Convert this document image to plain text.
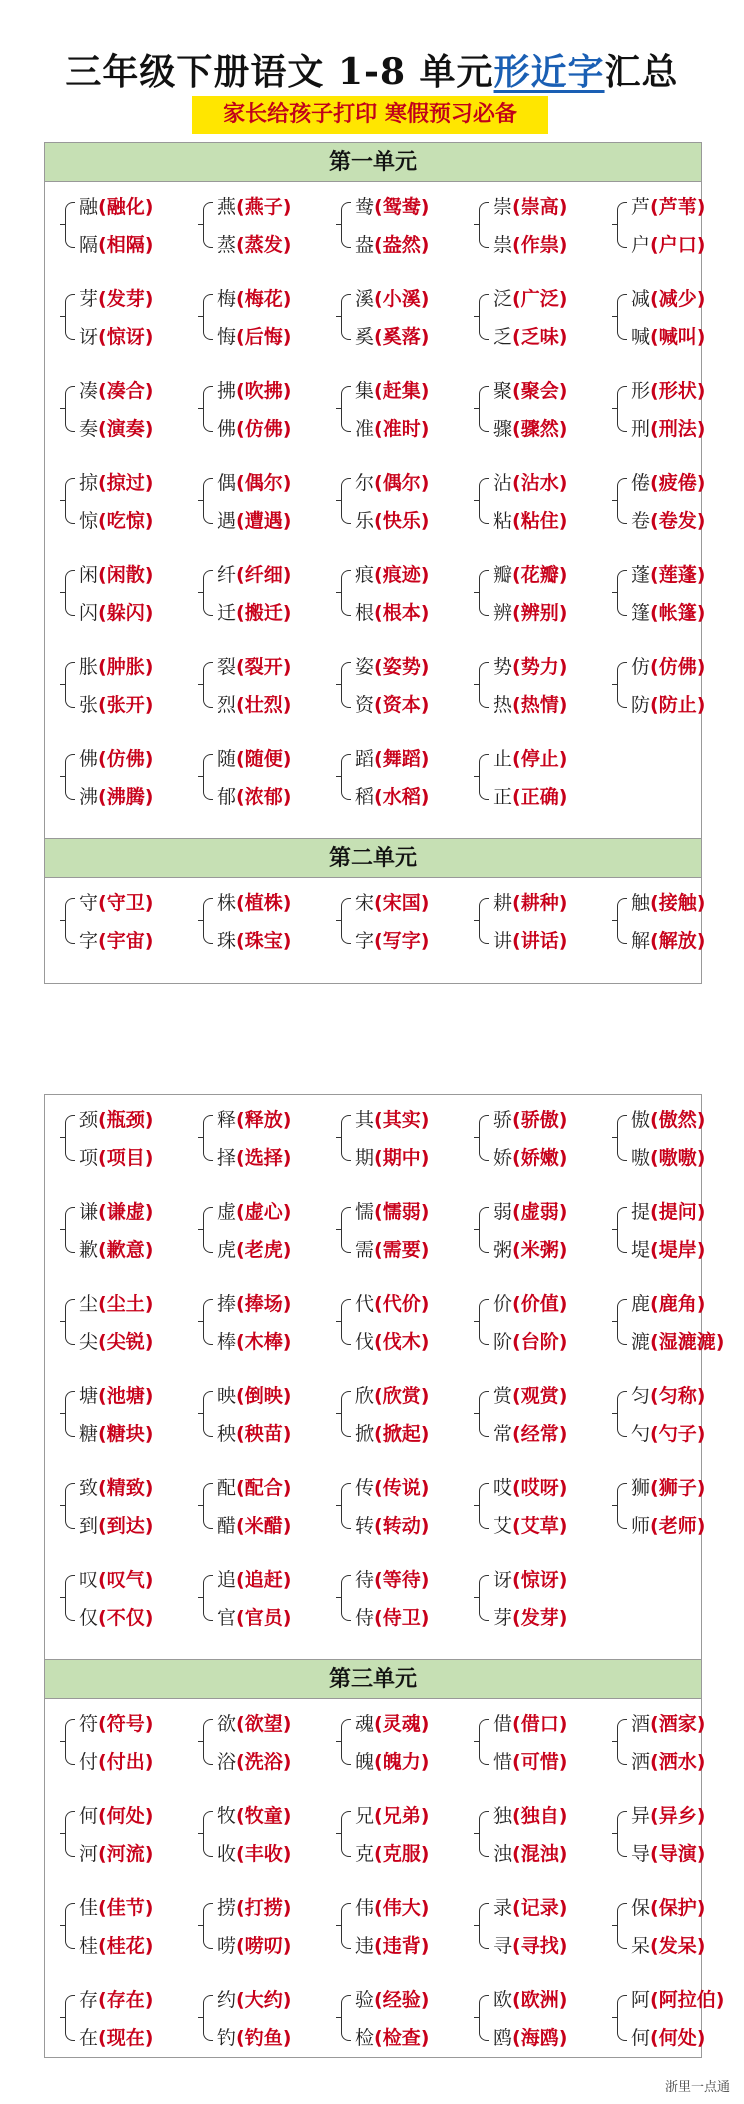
三年级下册语文 1-8 单元形近字汇总
家长给孩子打印 寒假预习必备
第一单元
融(融化)
隔(相隔)
燕(燕子)
蒸(蒸发)
鸯(鸳鸯)
盎(盎然)
崇(崇高)
祟(作祟)
芦(芦苇)
户(户口)
芽(发芽)
讶(惊讶)
梅(梅花)
悔(后悔)
溪(小溪)
奚(奚落)
泛(广泛)
乏(乏味)
减(减少)
喊(喊叫)
凑(凑合)
奏(演奏)
拂(吹拂)
佛(仿佛)
集(赶集)
准(准时)
聚(聚会)
骤(骤然)
形(形状)
刑(刑法)
掠(掠过)
惊(吃惊)
偶(偶尔)
遇(遭遇)
尔(偶尔)
乐(快乐)
沾(沾水)
粘(粘住)
倦(疲倦)
卷(卷发)
闲(闲散)
闪(躲闪)
纤(纤细)
迁(搬迁)
痕(痕迹)
根(根本)
瓣(花瓣)
辨(辨别)
蓬(莲蓬)
篷(帐篷)
胀(肿胀)
张(张开)
裂(裂开)
烈(壮烈)
姿(姿势)
资(资本)
势(势力)
热(热情)
仿(仿佛)
防(防止)
佛(仿佛)
沸(沸腾)
随(随便)
郁(浓郁)
蹈(舞蹈)
稻(水稻)
止(停止)
正(正确)
第二单元
守(守卫)
字(宇宙)
株(植株)
珠(珠宝)
宋(宋国)
字(写字)
耕(耕种)
讲(讲话)
触(接触)
解(解放)
颈(瓶颈)
项(项目)
释(释放)
择(选择)
其(其实)
期(期中)
骄(骄傲)
娇(娇嫩)
傲(傲然)
嗷(嗷嗷)
谦(谦虚)
歉(歉意)
虚(虚心)
虎(老虎)
懦(懦弱)
需(需要)
弱(虚弱)
粥(米粥)
提(提问)
堤(堤岸)
尘(尘土)
尖(尖锐)
捧(捧场)
棒(木棒)
代(代价)
伐(伐木)
价(价值)
阶(台阶)
鹿(鹿角)
漉(湿漉漉)
塘(池塘)
糖(糖块)
映(倒映)
秧(秧苗)
欣(欣赏)
掀(掀起)
赏(观赏)
常(经常)
匀(匀称)
勺(勺子)
致(精致)
到(到达)
配(配合)
醋(米醋)
传(传说)
转(转动)
哎(哎呀)
艾(艾草)
狮(狮子)
师(老师)
叹(叹气)
仅(不仅)
追(追赶)
官(官员)
待(等待)
侍(侍卫)
讶(惊讶)
芽(发芽)
第三单元
符(符号)
付(付出)
欲(欲望)
浴(洗浴)
魂(灵魂)
魄(魄力)
借(借口)
惜(可惜)
酒(酒家)
洒(洒水)
何(何处)
河(河流)
牧(牧童)
收(丰收)
兄(兄弟)
克(克服)
独(独自)
浊(混浊)
异(异乡)
导(导演)
佳(佳节)
桂(桂花)
捞(打捞)
唠(唠叨)
伟(伟大)
违(违背)
录(记录)
寻(寻找)
保(保护)
呆(发呆)
存(存在)
在(现在)
约(大约)
钓(钓鱼)
验(经验)
检(检查)
欧(欧洲)
鸥(海鸥)
阿(阿拉伯)
何(何处)
浙里一点通
